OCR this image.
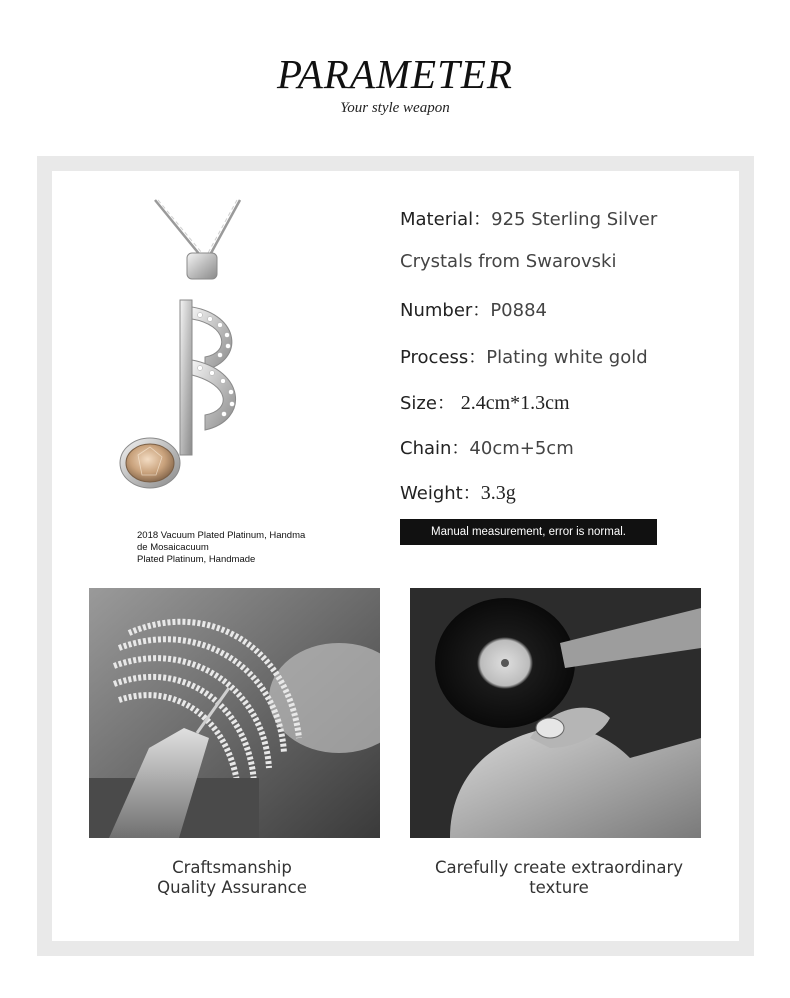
PARAMETER
Your style weapon
2018 Vacuum Plated Platinum, Handma
de Mosaicacuum
Plated Platinum, Handmade
Material：925 Sterling Silver
Crystals from Swarovski
Number：P0884
Process：Plating white gold
Size： 2.4cm*1.3cm
Chain：40cm+5cm
Weight：3.3g
Manual measurement, error is normal.
Craftsmanship
Quality Assurance
Carefully create extraordinary
texture
